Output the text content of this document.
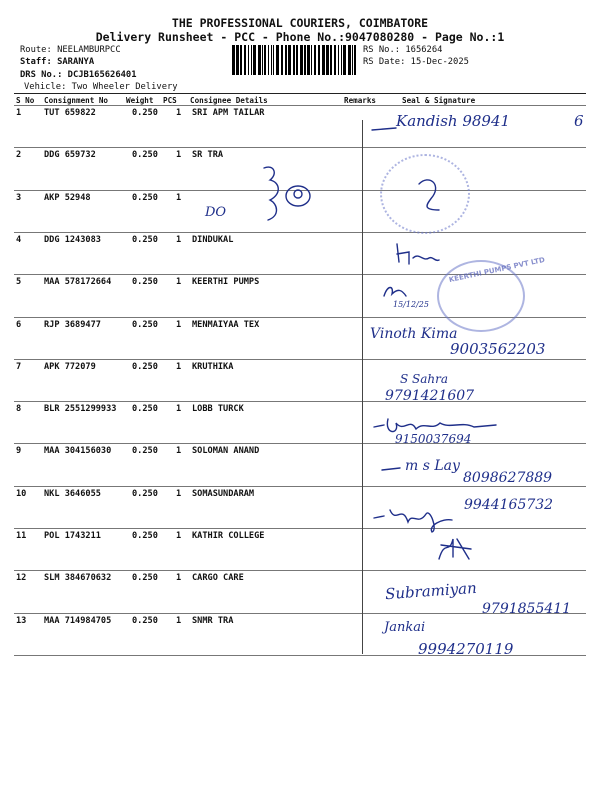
THE PROFESSIONAL COURIERS, COIMBATORE
Delivery Runsheet - PCC - Phone No.:9047080280 - Page No.:1
Route: NEELAMBURPCC
Staff: SARANYA
DRS No.: DCJB165626401
Vehicle: Two Wheeler Delivery
RS No.: 1656264
RS Date: 15-Dec-2025
S No Consignment No Weight PCS Consignee Details	Remarks	Seal & Signature
1	TUT 659822	0.250 1 SRI APM TAILAR
2	DDG 659732	0.250 1 SR TRA
3	AKP 52948	0.250 1
4	DDG 1243083	0.250 1 DINDUKAL
5	MAA 578172664 0.250 1 KEERTHI PUMPS
6	RJP 3689477	0.250 1 MENMAIYAA TEX
7	APK 772079	0.250 1 KRUTHIKA
8	BLR 2551299933 0.250 1 LOBB TURCK
9	MAA 304156030 0.250 1 SOLOMAN ANAND
10 NKL 3646055	0.250 1 SOMASUNDARAM
11 POL 1743211	0.250 1 KATHIR COLLEGE
12 SLM 384670632 0.250 1 CARGO CARE
13 MAA 714984705 0.250 1 SNMR TRA
KEERTHI PUMPS PVT LTD
Kandish 98941	6
DO
15/12/25
Vinoth Kima
9003562203
S Sahra
9791421607
9150037694
m s Lay
8098627889
9944165732
Subramiyan
9791855411
Jankai
9994270119
